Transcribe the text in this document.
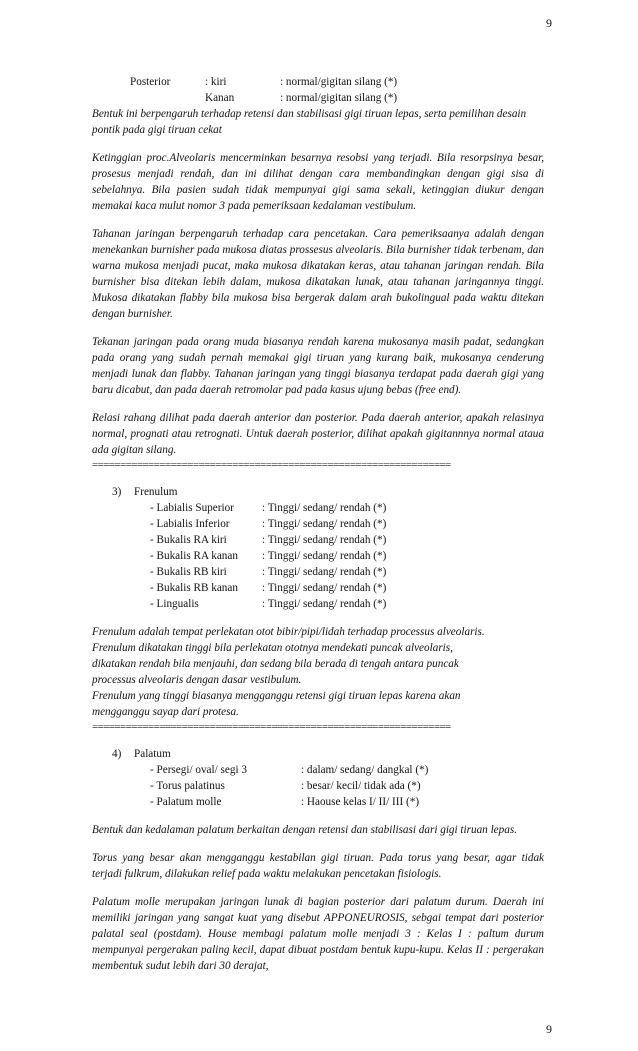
9
Posterior	: kiri	: normal/gigitan silang (*)
Kanan	: normal/gigitan silang (*)
Bentuk ini berpengaruh terhadap retensi dan stabilisasi gigi tiruan lepas, serta pemilihan desain pontik pada gigi tiruan cekat
Ketinggian proc.Alveolaris mencerminkan besarnya resobsi yang terjadi. Bila resorpsinya besar, prosesus menjadi rendah, dan ini dilihat dengan cara membandingkan dengan gigi sisa di sebelahnya. Bila pasien sudah tidak mempunyai gigi sama sekali, ketinggian diukur dengan memakai kaca mulut nomor 3 pada pemeriksaan kedalaman vestibulum.
Tahanan jaringan berpengaruh terhadap cara pencetakan. Cara pemeriksaanya adalah dengan menekankan burnisher pada mukosa diatas prossesus alveolaris. Bila burnisher tidak terbenam, dan warna mukosa menjadi pucat, maka mukosa dikatakan keras, atau tahanan jaringan rendah. Bila burnisher bisa ditekan lebih dalam, mukosa dikatakan lunak, atau tahanan jaringannya tinggi. Mukosa dikatakan flabby bila mukosa bisa bergerak dalam arah bukolingual pada waktu ditekan dengan burnisher.
Tekanan jaringan pada orang muda biasanya rendah karena mukosanya masih padat, sedangkan pada orang yang sudah pernah memakai gigi tiruan yang kurang baik, mukosanya cenderung menjadi lunak dan flabby. Tahanan jaringan yang tinggi biasanya terdapat pada daerah gigi yang baru dicabut, dan pada daerah retromolar pad pada kasus ujung bebas (free end).
Relasi rahang dilihat pada daerah anterior dan posterior. Pada daerah anterior, apakah relasinya normal, prognati atau retrognati. Untuk daerah posterior, dilihat apakah gigitannnya normal ataua ada gigitan silang.
================================================================
3)	Frenulum
- Labialis Superior	: Tinggi/ sedang/ rendah (*)
- Labialis Inferior	: Tinggi/ sedang/ rendah (*)
- Bukalis RA kiri	: Tinggi/ sedang/ rendah (*)
- Bukalis RA kanan	: Tinggi/ sedang/ rendah (*)
- Bukalis RB kiri	: Tinggi/ sedang/ rendah (*)
- Bukalis RB kanan	: Tinggi/ sedang/ rendah (*)
- Lingualis	: Tinggi/ sedang/ rendah (*)
Frenulum adalah tempat perlekatan otot bibir/pipi/lidah terhadap processus alveolaris.
Frenulum dikatakan tinggi bila perlekatan ototnya mendekati puncak alveolaris,
dikatakan rendah bila menjauhi, dan sedang bila berada di tengah antara puncak
processus alveolaris dengan dasar vestibulum.
Frenulum yang tinggi biasanya mengganggu retensi gigi tiruan lepas karena akan
mengganggu sayap dari protesa.
================================================================
4)	Palatum
- Persegi/ oval/ segi 3	: dalam/ sedang/ dangkal (*)
- Torus palatinus	: besar/ kecil/ tidak ada (*)
- Palatum molle	: Haouse kelas I/ II/ III (*)
Bentuk dan kedalaman palatum berkaitan dengan retensi dan stabilisasi dari gigi tiruan lepas.
Torus yang besar akan mengganggu kestabilan gigi tiruan. Pada torus yang besar, agar tidak terjadi fulkrum, dilakukan relief pada waktu melakukan pencetakan fisiologis.
Palatum molle merupakan jaringan lunak di bagian posterior dari palatum durum. Daerah ini memiliki jaringan yang sangat kuat yang disebut APPONEUROSIS, sebgai tempat dari posterior palatal seal (postdam). House membagi palatum molle menjadi 3 : Kelas I : paltum durum mempunyai pergerakan paling kecil, dapat dibuat postdam bentuk kupu-kupu. Kelas II : pergerakan membentuk sudut lebih dari 30 derajat,
9
